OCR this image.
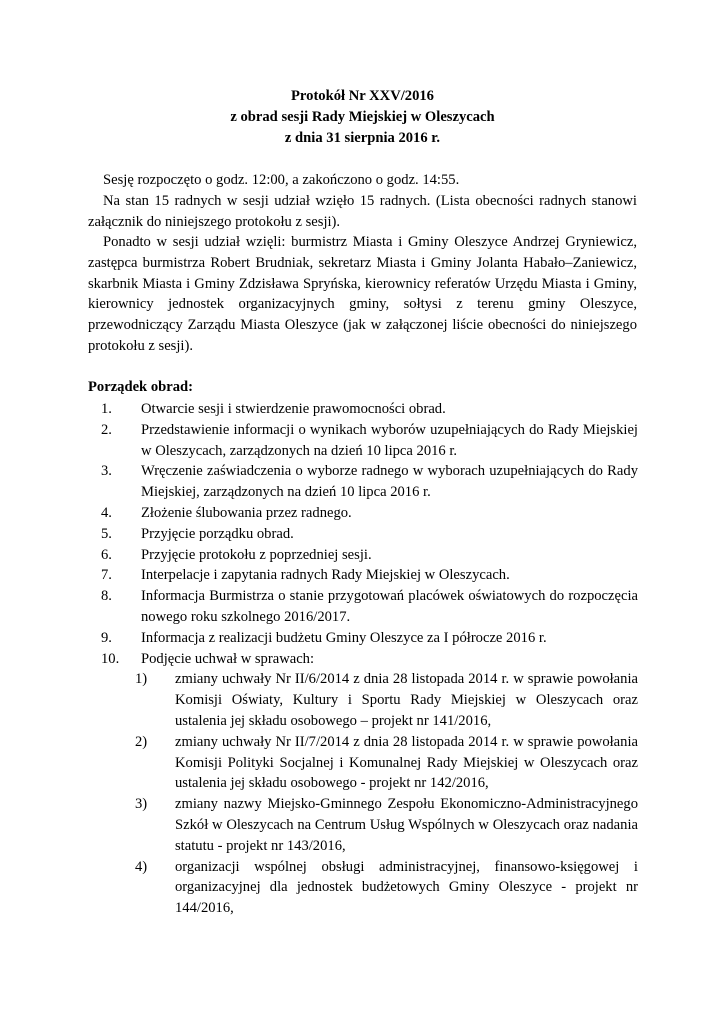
Protokół Nr XXV/2016
z obrad sesji Rady Miejskiej w Oleszycach
z dnia 31 sierpnia 2016 r.
Sesję rozpoczęto o godz. 12:00, a zakończono o godz. 14:55.
Na stan 15 radnych w sesji udział wzięło 15 radnych. (Lista obecności radnych stanowi załącznik do niniejszego protokołu z sesji).
Ponadto w sesji udział wzięli: burmistrz Miasta i Gminy Oleszyce Andrzej Gryniewicz, zastępca burmistrza Robert Brudniak, sekretarz Miasta i Gminy Jolanta Habało–Zaniewicz, skarbnik Miasta i Gminy Zdzisława Spryńska, kierownicy referatów Urzędu Miasta i Gminy, kierownicy jednostek organizacyjnych gminy, sołtysi z terenu gminy Oleszyce, przewodniczący Zarządu Miasta Oleszyce (jak w załączonej liście obecności do niniejszego protokołu z sesji).
Porządek obrad:
1. Otwarcie sesji i stwierdzenie prawomocności obrad.
2. Przedstawienie informacji o wynikach wyborów uzupełniających do Rady Miejskiej w Oleszycach, zarządzonych na dzień 10 lipca 2016 r.
3. Wręczenie zaświadczenia o wyborze radnego w wyborach uzupełniających do Rady Miejskiej, zarządzonych na dzień 10 lipca 2016 r.
4. Złożenie ślubowania przez radnego.
5. Przyjęcie porządku obrad.
6. Przyjęcie protokołu z poprzedniej sesji.
7. Interpelacje i zapytania radnych Rady Miejskiej w Oleszycach.
8. Informacja Burmistrza o stanie przygotowań placówek oświatowych do rozpoczęcia nowego roku szkolnego 2016/2017.
9. Informacja z realizacji budżetu Gminy Oleszyce za I półrocze 2016 r.
10. Podjęcie uchwał w sprawach:
1) zmiany uchwały Nr II/6/2014 z dnia 28 listopada 2014 r. w sprawie powołania Komisji Oświaty, Kultury i Sportu Rady Miejskiej w Oleszycach oraz ustalenia jej składu osobowego – projekt nr 141/2016,
2) zmiany uchwały Nr II/7/2014 z dnia 28 listopada 2014 r. w sprawie powołania Komisji Polityki Socjalnej i Komunalnej Rady Miejskiej w Oleszycach oraz ustalenia jej składu osobowego - projekt nr 142/2016,
3) zmiany nazwy Miejsko-Gminnego Zespołu Ekonomiczno-Administracyjnego Szkół w Oleszycach na Centrum Usług Wspólnych w Oleszycach oraz nadania statutu - projekt nr 143/2016,
4) organizacji wspólnej obsługi administracyjnej, finansowo-księgowej i organizacyjnej dla jednostek budżetowych Gminy Oleszyce - projekt nr 144/2016,
